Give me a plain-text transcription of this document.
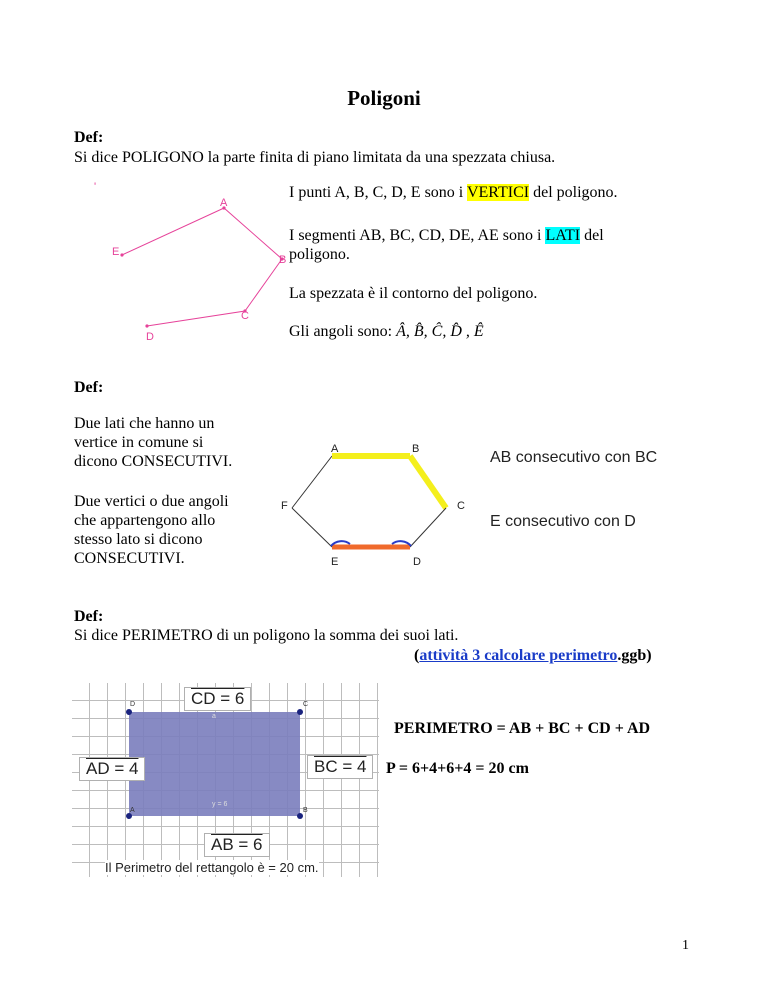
Poligoni
Def:
Si dice POLIGONO la parte finita di piano limitata da una spezzata chiusa.
A
E
B
C
D
'	I punti A, B, C, D, E sono i VERTICI del poligono.
I segmenti AB, BC, CD, DE, AE sono i LATI del
poligono.
La spezzata è il contorno del poligono.
Gli angoli sono: Â, B̂, Ĉ, D̂ , Ê
Def:
Due lati che hanno un
vertice in comune si
dicono CONSECUTIVI.
Due vertici o due angoli
che appartengono allo
stesso lato si dicono
CONSECUTIVI.
A	B
C
F
E	D
AB consecutivo con BC
E consecutivo con D
Def:
Si dice PERIMETRO di un poligono la somma dei suoi lati.
(attività 3 calcolare perimetro.ggb)
D	C
A	B
a
y = 6
CD = 6
AD = 4	BC = 4
AB = 6
Il Perimetro del rettangolo è = 20 cm.
PERIMETRO = AB + BC + CD + AD
P = 6+4+6+4 = 20 cm
1
